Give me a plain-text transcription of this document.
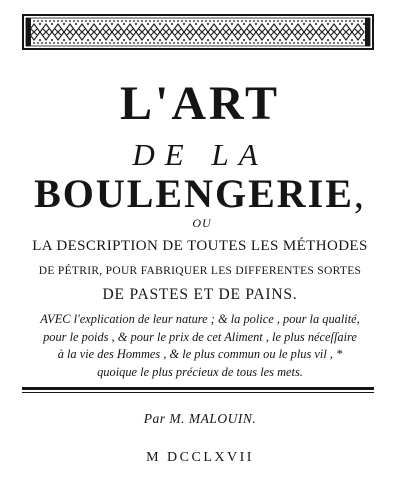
L'ART
DE LA
BOULENGERIE,
OU
LA DESCRIPTION DE TOUTES LES MÉTHODES
DE PÉTRIR, POUR FABRIQUER LES DIFFERENTES SORTES
DE PASTES ET DE PAINS.
AVEC l'explication de leur nature ; & la police , pour la qualité,
pour le poids , & pour le prix de cet Aliment , le plus néceſſaire
à la vie des Hommes , & le plus commun ou le plus vil , *
quoique le plus précieux de tous les mets.
Par M. MALOUIN.
M DCCLXVII
